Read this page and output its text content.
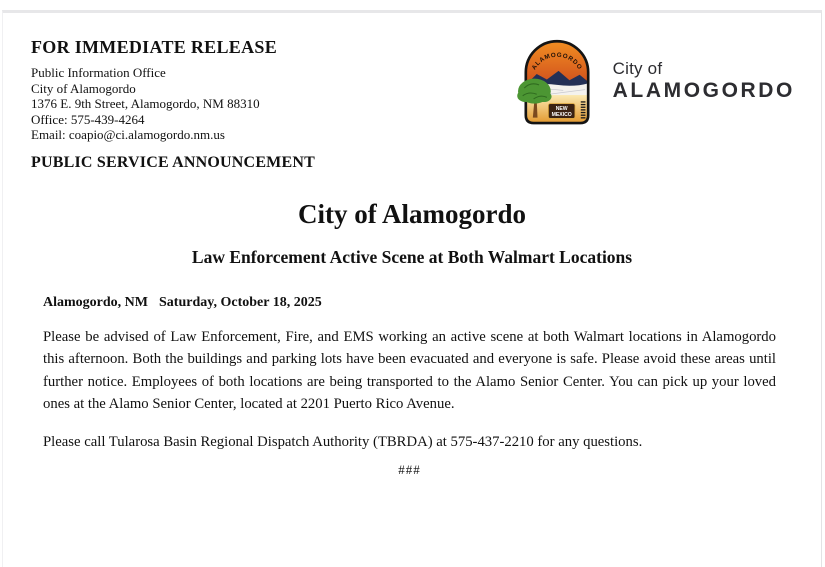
FOR IMMEDIATE RELEASE
Public Information Office
City of Alamogordo
1376 E. 9th Street, Alamogordo, NM 88310
Office: 575-439-4264
Email: coapio@ci.alamogordo.nm.us
ALAMOGORDO
NEW
MEXICO
City of
ALAMOGORDO
PUBLIC SERVICE ANNOUNCEMENT
City of Alamogordo
Law Enforcement Active Scene at Both Walmart Locations
Alamogordo, NM Saturday, October 18, 2025

Please be advised of Law Enforcement, Fire, and EMS working an active scene at both Walmart locations in Alamogordo this afternoon. Both the buildings and parking lots have been evacuated and everyone is safe. Please avoid these areas until further notice. Employees of both locations are being transported to the Alamo Senior Center. You can pick up your loved ones at the Alamo Senior Center, located at 2201 Puerto Rico Avenue.

Please call Tularosa Basin Regional Dispatch Authority (TBRDA) at 575-437-2210 for any questions.

###
